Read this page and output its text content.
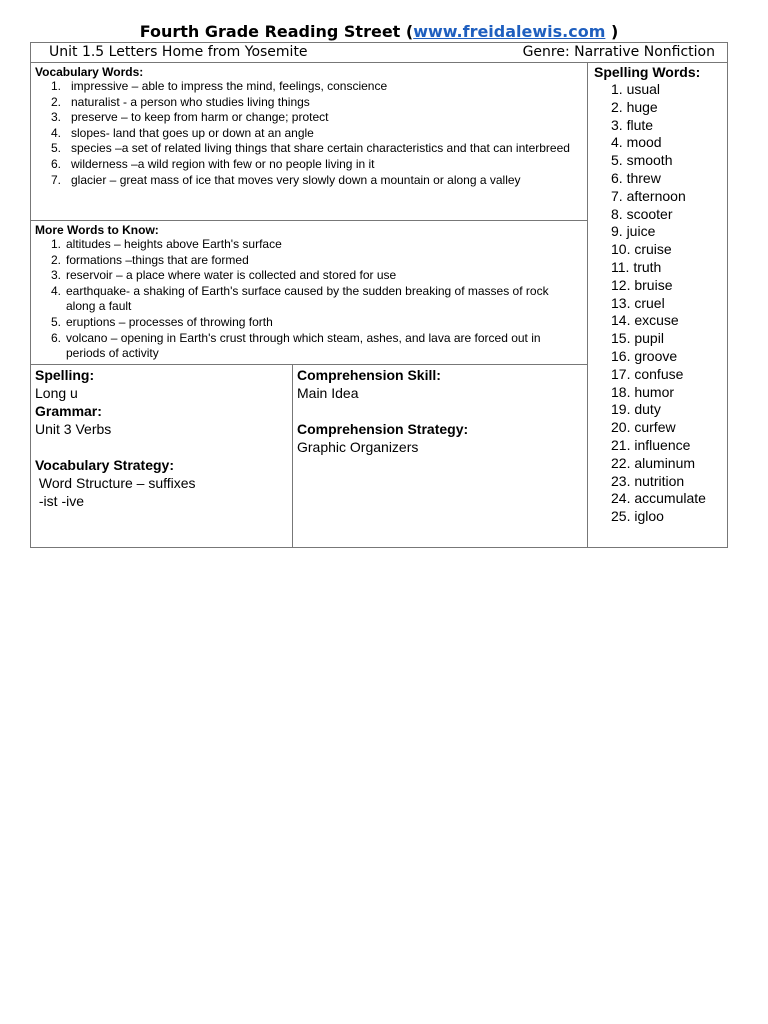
Fourth Grade Reading Street (www.freidalewis.com )
Unit 1.5 Letters Home from Yosemite	Genre: Narrative Nonfiction
Vocabulary Words:
1. impressive – able to impress the mind, feelings, conscience
2. naturalist - a person who studies living things
3. preserve – to keep from harm or change; protect
4. slopes- land that goes up or down at an angle
5. species –a set of related living things that share certain characteristics and that can interbreed
6. wilderness –a wild region with few or no people living in it
7. glacier – great mass of ice that moves very slowly down a mountain or along a valley
More Words to Know:
1. altitudes – heights above Earth's surface
2. formations –things that are formed
3. reservoir – a place where water is collected and stored for use
4. earthquake- a shaking of Earth's surface caused by the sudden breaking of masses of rock along a fault
5. eruptions – processes of throwing forth
6. volcano – opening in Earth's crust through which steam, ashes, and lava are forced out in periods of activity
Spelling:
Long u
Grammar:
Unit 3 Verbs
Vocabulary Strategy:
Word Structure – suffixes
-ist -ive
Comprehension Skill:
Main Idea
Comprehension Strategy:
Graphic Organizers
Spelling Words:
1. usual
2. huge
3. flute
4. mood
5. smooth
6. threw
7. afternoon
8. scooter
9. juice
10. cruise
11. truth
12. bruise
13. cruel
14. excuse
15. pupil
16. groove
17. confuse
18. humor
19. duty
20. curfew
21. influence
22. aluminum
23. nutrition
24. accumulate
25. igloo
